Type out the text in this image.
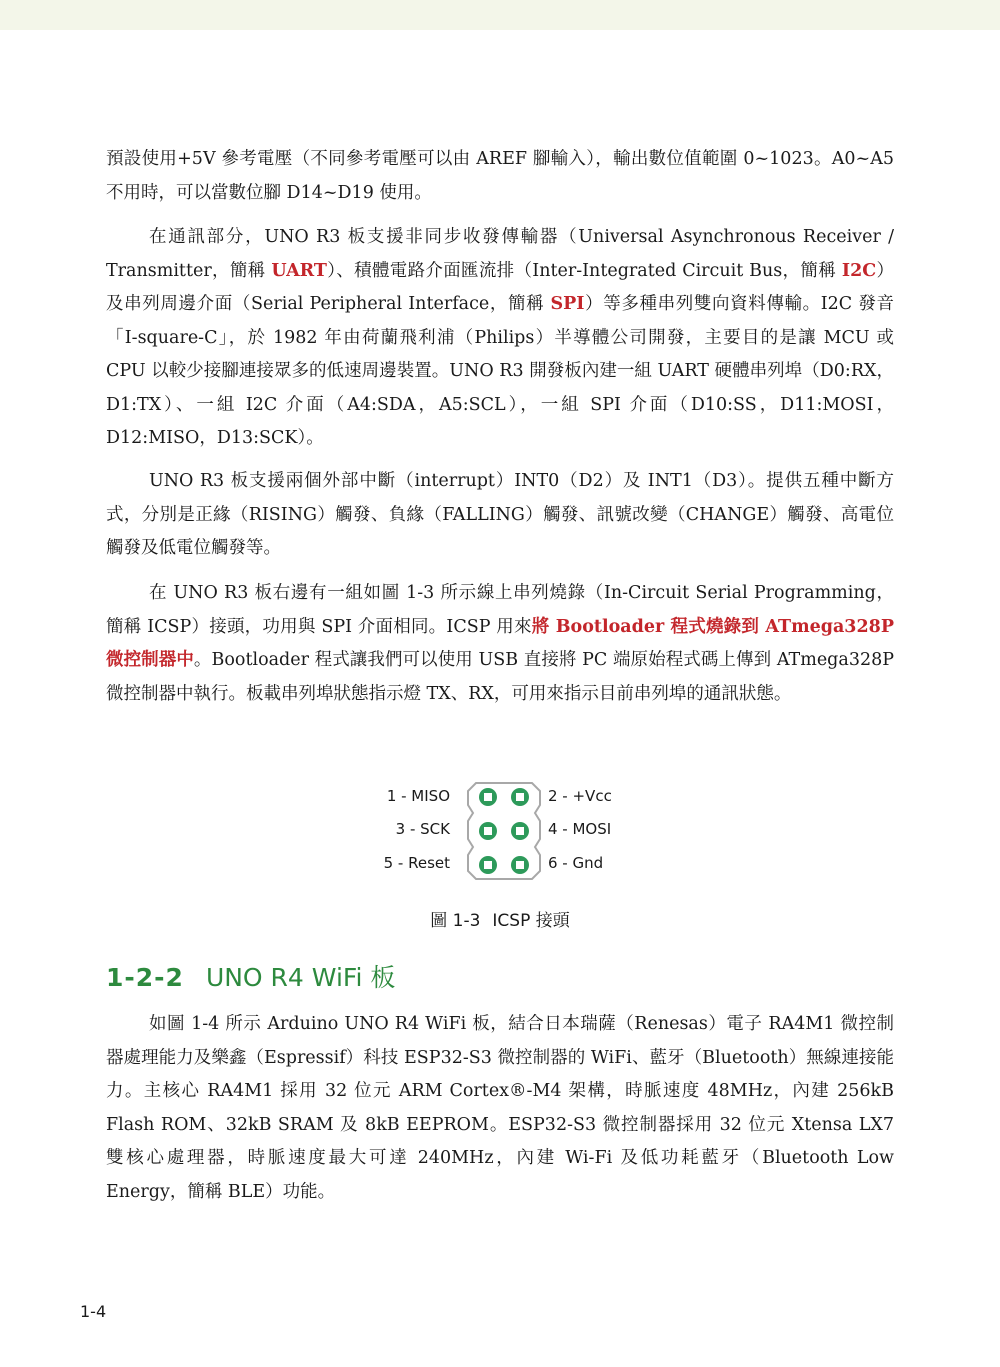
預設使用+5V 參考電壓（不同參考電壓可以由 AREF 腳輸入），輸出數位值範圍 0~1023。A0~A5 不用時，可以當數位腳 D14~D19 使用。
在通訊部分，UNO R3 板支援非同步收發傳輸器（Universal Asynchronous Receiver / Transmitter，簡稱 UART）、積體電路介面匯流排（Inter-Integrated Circuit Bus，簡稱 I2C）及串列周邊介面（Serial Peripheral Interface，簡稱 SPI）等多種串列雙向資料傳輸。I2C 發音「I-square-C」，於 1982 年由荷蘭飛利浦（Philips）半導體公司開發，主要目的是讓 MCU 或 CPU 以較少接腳連接眾多的低速周邊裝置。UNO R3 開發板內建一組 UART 硬體串列埠（D0:RX，D1:TX）、一組 I2C 介面（A4:SDA，A5:SCL），一組 SPI 介面（D10:SS，D11:MOSI，D12:MISO，D13:SCK）。
UNO R3 板支援兩個外部中斷（interrupt）INT0（D2）及 INT1（D3）。提供五種中斷方式，分別是正緣（RISING）觸發、負緣（FALLING）觸發、訊號改變（CHANGE）觸發、高電位觸發及低電位觸發等。
在 UNO R3 板右邊有一組如圖 1-3 所示線上串列燒錄（In-Circuit Serial Programming，簡稱 ICSP）接頭，功用與 SPI 介面相同。ICSP 用來將 Bootloader 程式燒錄到 ATmega328P 微控制器中。Bootloader 程式讓我們可以使用 USB 直接將 PC 端原始程式碼上傳到 ATmega328P 微控制器中執行。板載串列埠狀態指示燈 TX、RX，可用來指示目前串列埠的通訊狀態。
1 - MISO
3 - SCK
5 - Reset
2 - +Vcc
4 - MOSI
6 - Gnd
圖 1-3 ICSP 接頭
1-2-2 UNO R4 WiFi 板
如圖 1-4 所示 Arduino UNO R4 WiFi 板，結合日本瑞薩（Renesas）電子 RA4M1 微控制器處理能力及樂鑫（Espressif）科技 ESP32-S3 微控制器的 WiFi、藍牙（Bluetooth）無線連接能力。主核心 RA4M1 採用 32 位元 ARM Cortex®-M4 架構，時脈速度 48MHz，內建 256kB Flash ROM、32kB SRAM 及 8kB EEPROM。ESP32-S3 微控制器採用 32 位元 Xtensa LX7 雙核心處理器，時脈速度最大可達 240MHz，內建 Wi-Fi 及低功耗藍牙（Bluetooth Low Energy，簡稱 BLE）功能。
1-4
